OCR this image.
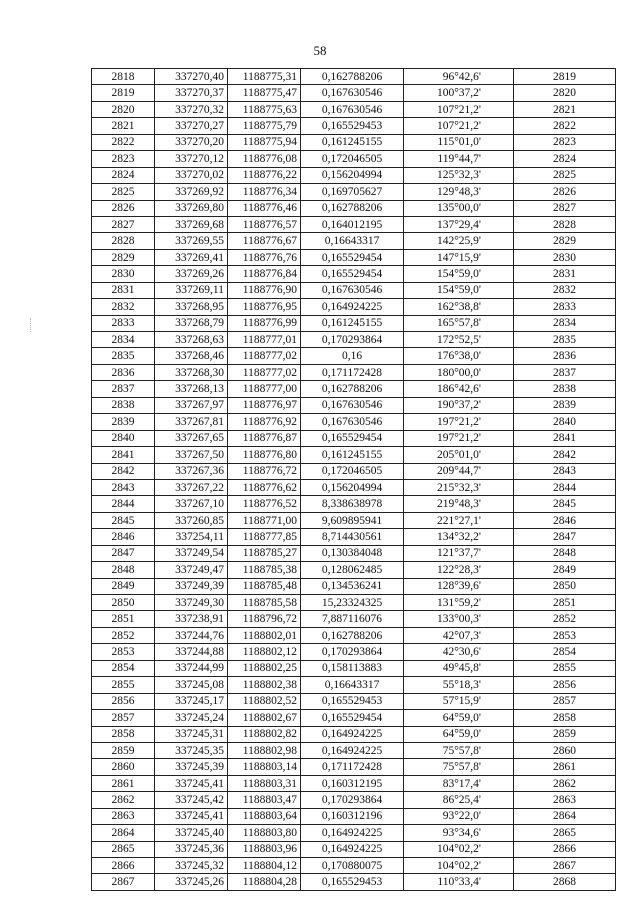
58
2818	337270,40	1188775,31	0,162788206	96°42,6'	2819
2819	337270,37	1188775,47	0,167630546	100°37,2'	2820
2820	337270,32	1188775,63	0,167630546	107°21,2'	2821
2821	337270,27	1188775,79	0,165529453	107°21,2'	2822
2822	337270,20	1188775,94	0,161245155	115°01,0'	2823
2823	337270,12	1188776,08	0,172046505	119°44,7'	2824
2824	337270,02	1188776,22	0,156204994	125°32,3'	2825
2825	337269,92	1188776,34	0,169705627	129°48,3'	2826
2826	337269,80	1188776,46	0,162788206	135°00,0'	2827
2827	337269,68	1188776,57	0,164012195	137°29,4'	2828
2828	337269,55	1188776,67	0,16643317	142°25,9'	2829
2829	337269,41	1188776,76	0,165529454	147°15,9'	2830
2830	337269,26	1188776,84	0,165529454	154°59,0'	2831
2831	337269,11	1188776,90	0,167630546	154°59,0'	2832
2832	337268,95	1188776,95	0,164924225	162°38,8'	2833
2833	337268,79	1188776,99	0,161245155	165°57,8'	2834
2834	337268,63	1188777,01	0,170293864	172°52,5'	2835
2835	337268,46	1188777,02	0,16	176°38,0'	2836
2836	337268,30	1188777,02	0,171172428	180°00,0'	2837
2837	337268,13	1188777,00	0,162788206	186°42,6'	2838
2838	337267,97	1188776,97	0,167630546	190°37,2'	2839
2839	337267,81	1188776,92	0,167630546	197°21,2'	2840
2840	337267,65	1188776,87	0,165529454	197°21,2'	2841
2841	337267,50	1188776,80	0,161245155	205°01,0'	2842
2842	337267,36	1188776,72	0,172046505	209°44,7'	2843
2843	337267,22	1188776,62	0,156204994	215°32,3'	2844
2844	337267,10	1188776,52	8,338638978	219°48,3'	2845
2845	337260,85	1188771,00	9,609895941	221°27,1'	2846
2846	337254,11	1188777,85	8,714430561	134°32,2'	2847
2847	337249,54	1188785,27	0,130384048	121°37,7'	2848
2848	337249,47	1188785,38	0,128062485	122°28,3'	2849
2849	337249,39	1188785,48	0,134536241	128°39,6'	2850
2850	337249,30	1188785,58	15,23324325	131°59,2'	2851
2851	337238,91	1188796,72	7,887116076	133°00,3'	2852
2852	337244,76	1188802,01	0,162788206	42°07,3'	2853
2853	337244,88	1188802,12	0,170293864	42°30,6'	2854
2854	337244,99	1188802,25	0,158113883	49°45,8'	2855
2855	337245,08	1188802,38	0,16643317	55°18,3'	2856
2856	337245,17	1188802,52	0,165529453	57°15,9'	2857
2857	337245,24	1188802,67	0,165529454	64°59,0'	2858
2858	337245,31	1188802,82	0,164924225	64°59,0'	2859
2859	337245,35	1188802,98	0,164924225	75°57,8'	2860
2860	337245,39	1188803,14	0,171172428	75°57,8'	2861
2861	337245,41	1188803,31	0,160312195	83°17,4'	2862
2862	337245,42	1188803,47	0,170293864	86°25,4'	2863
2863	337245,41	1188803,64	0,160312196	93°22,0'	2864
2864	337245,40	1188803,80	0,164924225	93°34,6'	2865
2865	337245,36	1188803,96	0,164924225	104°02,2'	2866
2866	337245,32	1188804,12	0,170880075	104°02,2'	2867
2867	337245,26	1188804,28	0,165529453	110°33,4'	2868
